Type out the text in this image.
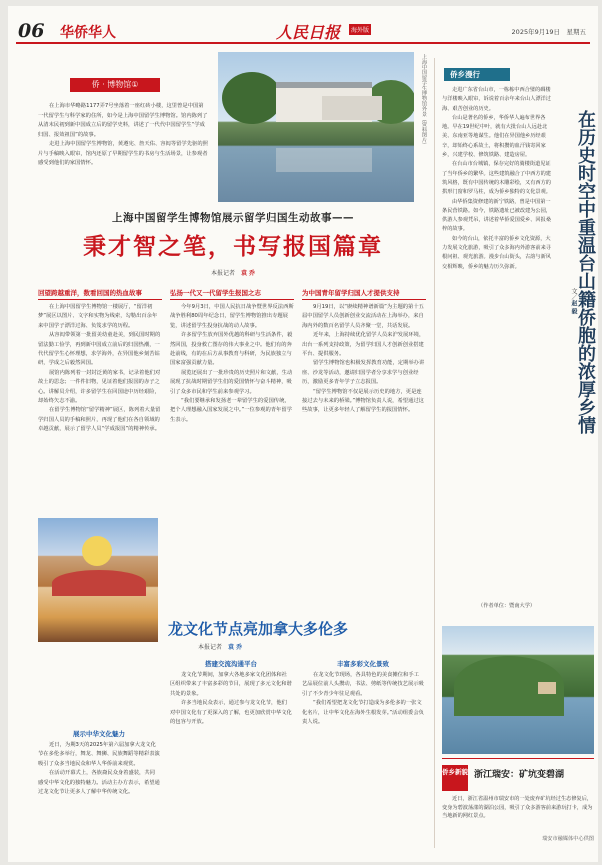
06 华侨华人	人民日报	海外版	2025年9月19日　星期五
侨 · 博物馆①

在上海市华略路1177弄7号坐落着一座红砖小楼，这里曾是中国第一代留学生与科学家的住所，如今是上海中国留学生博物馆。馆内陈列了从清末民初到新中国成立后的留学史料，讲述了一代代中国留学生“学成归国、报效祖国”的故事。

走进上海中国留学生博物馆，黄遵宪、詹天佑、容闳等留学先驱的照片与手稿映入眼帘，馆内还原了早期留学生的书房与生活场景，让参观者感受到他们的家国情怀。

上海中国留学生博物馆外景（资料图片）
上海中国留学生博物馆展示留学归国生动故事——
秉才智之笔，书写报国篇章
本报记者　 袁 乔
回望跨越重洋，数看回国的热血故事

在上海中国留学生博物馆一楼展厅，“留洋初梦”展区以图片、文字和实物为线索，勾勒出百余年来中国学子漂洋过海、负笈求学的历程。

从容闳带领第一批留美幼童赴美，到民国时期的留法勤工俭学，再到新中国成立前后的归国热潮，一代代留学生心怀理想，求学海外，在异国他乡刻苦钻研，学成之后毅然回国。

展馆内陈列着一封封泛黄的家书，记录着他们对故土的思念；一件件旧物，见证着他们报国的赤子之心。讲解员介绍，许多留学生在回国途中历经艰险，却始终矢志不渝。

在留学生博物馆“留学精神”展区，陈列着大量留学归国人员的手稿和照片，再现了他们在各自领域的卓越贡献，展示了留学人员“学成报国”的精神传承。

弘扬一代又一代留学生报国之志

今年9月3日，中国人民抗日战争暨世界反法西斯战争胜利80周年纪念日，留学生博物馆推出专题展览，讲述留学生投身抗战的动人故事。

许多留学生放弃国外优越的科研与生活条件，毅然回国，投身救亡图存的伟大事业之中。他们有的奔赴前线，有的在后方从事教育与科研，为民族独立与国家富强贡献力量。

展览还展出了一批珍贵的历史照片和文献，生动展现了抗战时期留学生们的爱国情怀与奋斗精神，吸引了众多市民和学生前来参观学习。

“我们要继承和发扬老一辈留学生的爱国传统，把个人理想融入国家发展之中。”一位参观的青年留学生表示。

为中国青年留学归国人才提供支持

9月19日，以“赓续精神谱新篇”为主题的第十五届中国留学人员创新创业交流活动在上海举办，来自海内外的数百名留学人员齐聚一堂，共话发展。

近年来，上海持续优化留学人员来沪发展环境，出台一系列支持政策，为留学归国人才创新创业搭建平台、提供服务。

留学生博物馆也积极发挥教育功能，定期举办讲座、沙龙等活动，邀请归国学者分享求学与创业经历，激励更多青年学子立志报国。

“留学生博物馆不仅是展示历史的地方，更是连接过去与未来的桥梁。”博物馆负责人说，希望通过这些故事，让更多年轻人了解留学生的报国情怀。

龙文化节点亮加拿大多伦多
本报记者　 袁 乔
展示中华文化魅力

近日，为期3天的2025年第六届加拿大龙文化节在多伦多举行，舞龙、舞狮、民族舞蹈等精彩表演吸引了众多当地民众和华人华侨前来观赏。

在活动开幕式上，各族裔民众身着盛装，共同感受中华文化的独特魅力。活动主办方表示，希望通过龙文化节让更多人了解中华传统文化。

搭建交流沟通平台

龙文化节期间，加拿大各地多家文化团体和社区组织带来了丰富多彩的节目，展现了多元文化和谐共处的景象。

许多当地民众表示，通过参与龙文化节，他们对中国文化有了更深入的了解，也更加欣赏中华文化的包容与开放。

丰富多彩文化景致

在龙文化节现场，各具特色的美食摊位和手工艺品展位前人头攒动，书法、剪纸等传统技艺展示吸引了不少青少年驻足观看。

“我们希望把龙文化节打造成为多伦多的一张文化名片，让中华文化在海外生根发芽。”活动组委会负责人说。

侨乡漫行

走进广东省台山市，一栋栋中西合璧的碉楼与洋楼映入眼帘，诉说着百余年来台山人漂洋过海、艰苦创业的历史。

台山是著名的侨乡，华侨华人遍布世界各地。早在19世纪中叶，就有大批台山人远赴北美、东南亚等地谋生。他们在异国他乡历经艰辛，却始终心系故土，将积攒的血汗钱寄回家乡，兴建学校、修筑铁路、建造房屋。

在台山市台城镇，保存完好的骑楼街道见证了当年侨乡的繁华。这些建筑融合了中西方的建筑风格，既有中国传统的木雕彩绘，又有西方的拱形门窗和罗马柱，成为侨乡独特的文化景观。

由华侨集资修建的新宁铁路，曾是中国第一条民营铁路。如今，铁路遗址已被改建为公园，供游人参观凭吊，讲述着华侨爱国爱乡、回报桑梓的故事。

如今的台山，依托丰富的侨乡文化资源，大力发展文化旅游，吸引了众多海内外游客前来寻根问祖、观光旅游。漫步台山街头，古韵与新风交相辉映，侨乡的魅力历久弥新。	在历史时空中重温台山籍侨胞的浓厚乡情
文／赵 毅
（作者单位：暨南大学）
侨乡新貌 浙江瑞安：矿坑变碧湖
近日，浙江省温州市瑞安市的一处废弃矿坑经过生态修复后，变身为碧波荡漾的湖泊公园，吸引了众多游客前来游玩打卡，成为当地新的网红景点。
瑞安市融媒体中心供图
